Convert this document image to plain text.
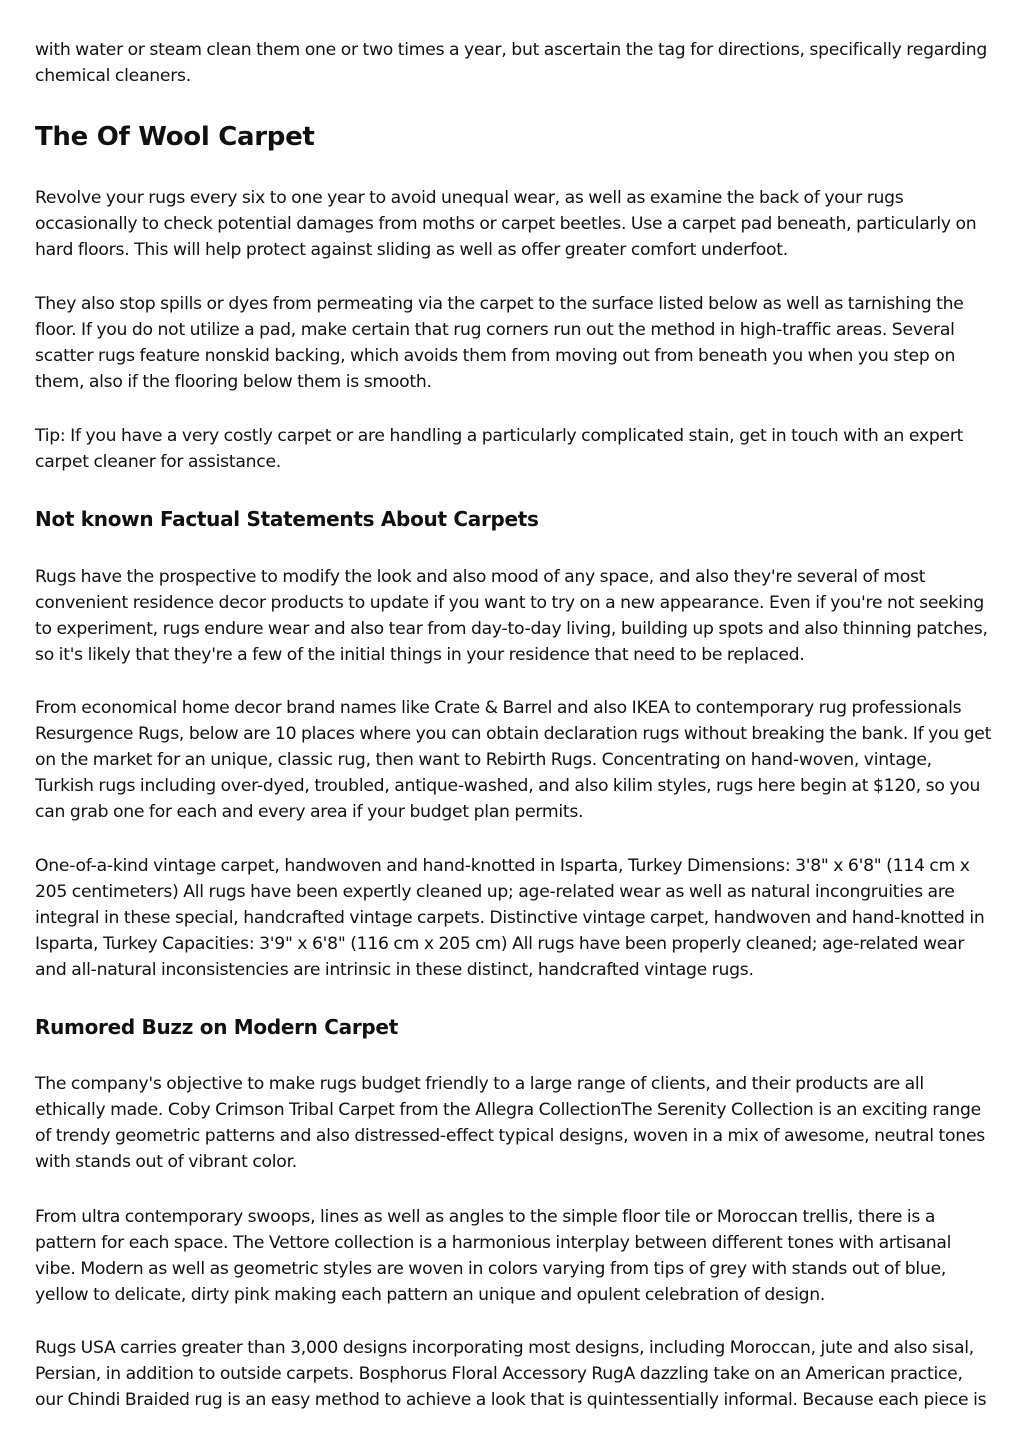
with water or steam clean them one or two times a year, but ascertain the tag for directions, specifically regarding chemical cleaners.

The Of Wool Carpet

Revolve your rugs every six to one year to avoid unequal wear, as well as examine the back of your rugs occasionally to check potential damages from moths or carpet beetles. Use a carpet pad beneath, particularly on hard floors. This will help protect against sliding as well as offer greater comfort underfoot.

They also stop spills or dyes from permeating via the carpet to the surface listed below as well as tarnishing the floor. If you do not utilize a pad, make certain that rug corners run out the method in high-traffic areas. Several scatter rugs feature nonskid backing, which avoids them from moving out from beneath you when you step on them, also if the flooring below them is smooth.

Tip: If you have a very costly carpet or are handling a particularly complicated stain, get in touch with an expert carpet cleaner for assistance.

Not known Factual Statements About Carpets

Rugs have the prospective to modify the look and also mood of any space, and also they're several of most convenient residence decor products to update if you want to try on a new appearance. Even if you're not seeking to experiment, rugs endure wear and also tear from day-to-day living, building up spots and also thinning patches, so it's likely that they're a few of the initial things in your residence that need to be replaced.

From economical home decor brand names like Crate & Barrel and also IKEA to contemporary rug professionals Resurgence Rugs, below are 10 places where you can obtain declaration rugs without breaking the bank. If you get on the market for an unique, classic rug, then want to Rebirth Rugs. Concentrating on hand-woven, vintage, Turkish rugs including over-dyed, troubled, antique-washed, and also kilim styles, rugs here begin at $120, so you can grab one for each and every area if your budget plan permits.

One-of-a-kind vintage carpet, handwoven and hand-knotted in Isparta, Turkey Dimensions: 3'8" x 6'8" (114 cm x 205 centimeters) All rugs have been expertly cleaned up; age-related wear as well as natural incongruities are integral in these special, handcrafted vintage carpets. Distinctive vintage carpet, handwoven and hand-knotted in Isparta, Turkey Capacities: 3'9" x 6'8" (116 cm x 205 cm) All rugs have been properly cleaned; age-related wear and all-natural inconsistencies are intrinsic in these distinct, handcrafted vintage rugs.

Rumored Buzz on Modern Carpet

The company's objective to make rugs budget friendly to a large range of clients, and their products are all ethically made. Coby Crimson Tribal Carpet from the Allegra CollectionThe Serenity Collection is an exciting range of trendy geometric patterns and also distressed-effect typical designs, woven in a mix of awesome, neutral tones with stands out of vibrant color.

From ultra contemporary swoops, lines as well as angles to the simple floor tile or Moroccan trellis, there is a pattern for each space. The Vettore collection is a harmonious interplay between different tones with artisanal vibe. Modern as well as geometric styles are woven in colors varying from tips of grey with stands out of blue, yellow to delicate, dirty pink making each pattern an unique and opulent celebration of design.

Rugs USA carries greater than 3,000 designs incorporating most designs, including Moroccan, jute and also sisal, Persian, in addition to outside carpets. Bosphorus Floral Accessory RugA dazzling take on an American practice, our Chindi Braided rug is an easy method to achieve a look that is quintessentially informal. Because each piece is
